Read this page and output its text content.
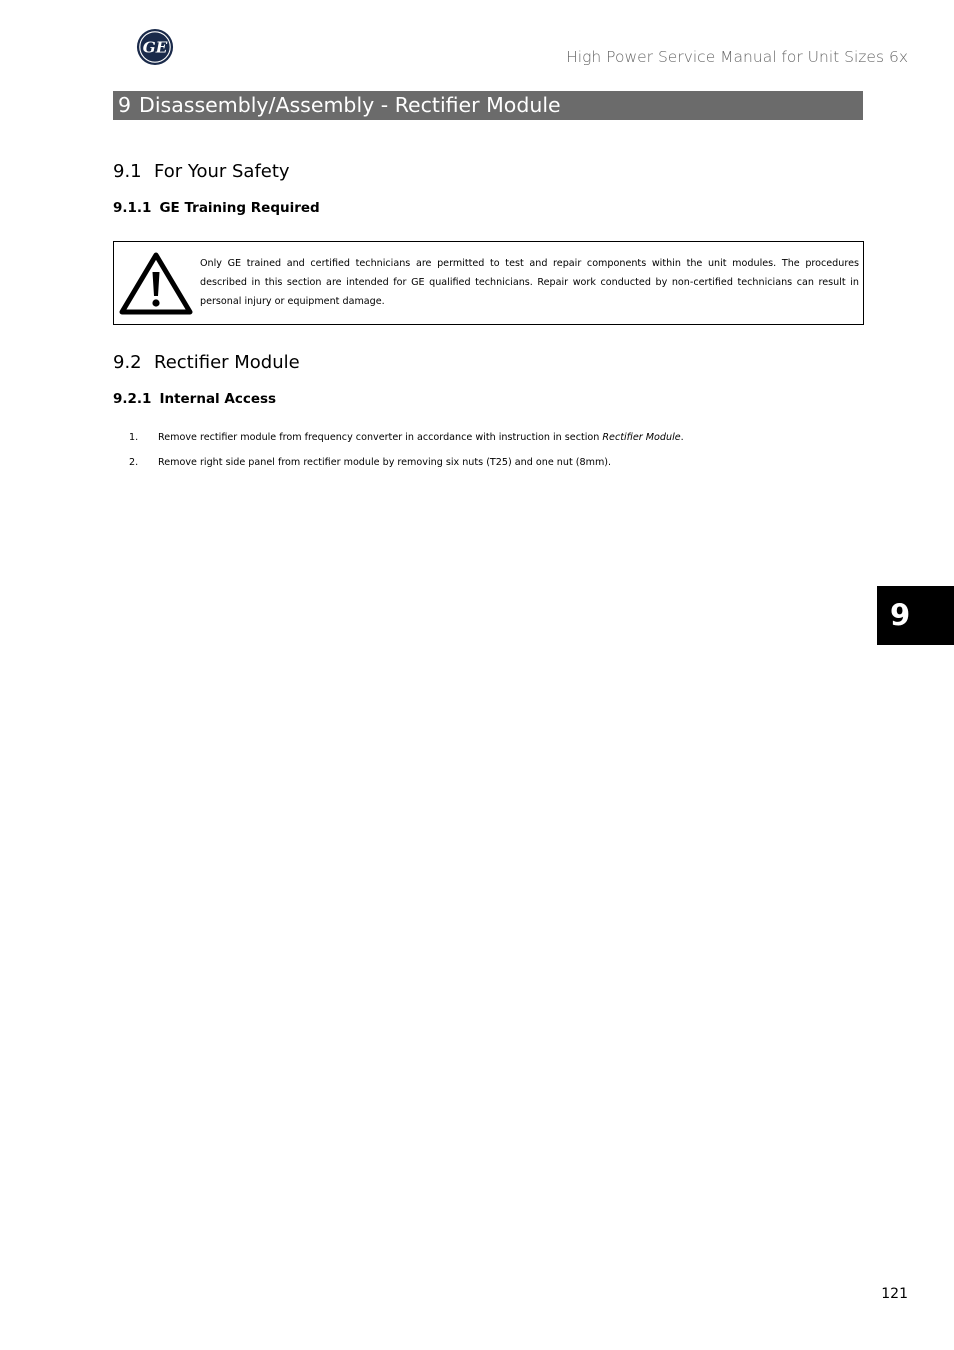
GE
High Power Service Manual for Unit Sizes 6x
9 Disassembly/Assembly - Rectifier Module
9.1 For Your Safety
9.1.1 GE Training Required
Only GE trained and certified technicians are permitted to test and repair components within the unit modules. The procedures described in this section are intended for GE qualified technicians. Repair work conducted by non-certified technicians can result in personal injury or equipment damage.
9.2 Rectifier Module
9.2.1 Internal Access
1. Remove rectifier module from frequency converter in accordance with instruction in section Rectifier Module.
2. Remove right side panel from rectifier module by removing six nuts (T25) and one nut (8mm).
9
121
